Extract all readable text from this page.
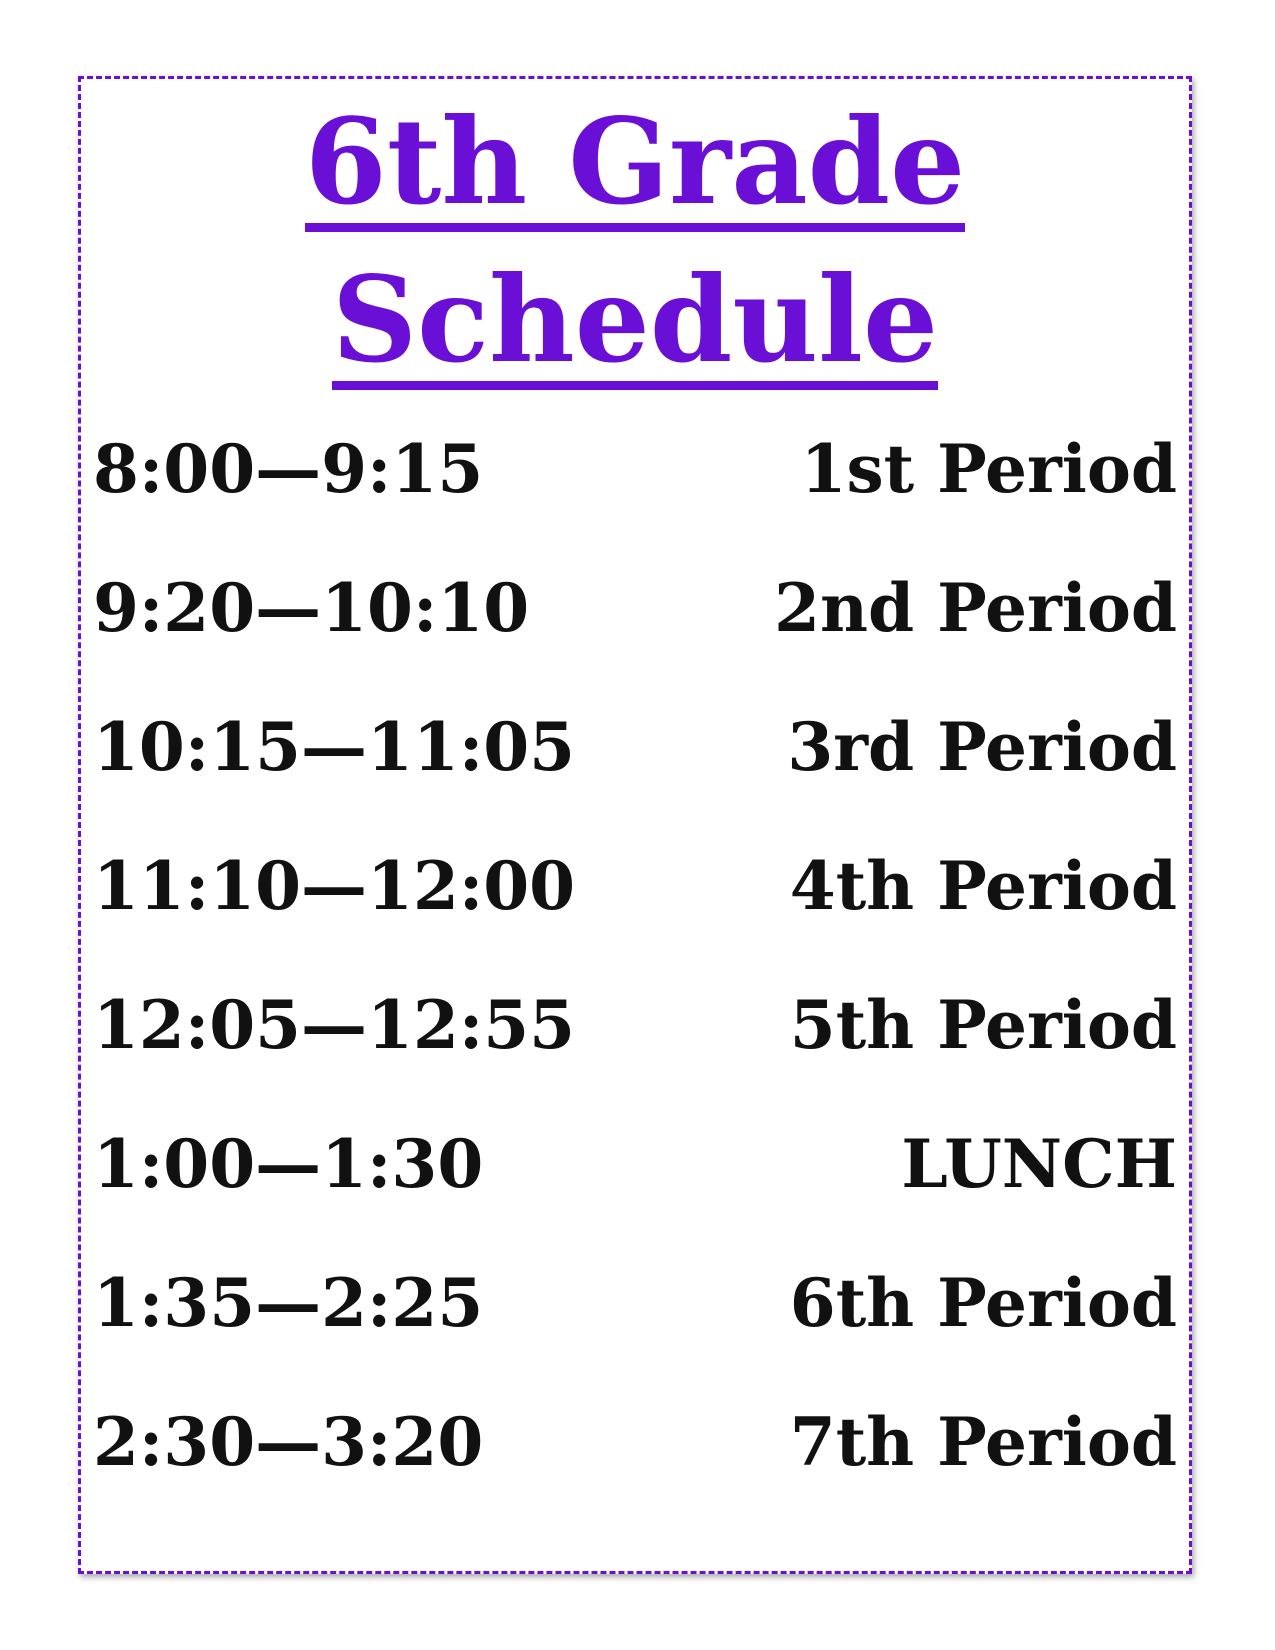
6th Grade
Schedule
8:00—9:15	1st Period
9:20—10:10	2nd Period
10:15—11:05	3rd Period
11:10—12:00	4th Period
12:05—12:55	5th Period
1:00—1:30	LUNCH
1:35—2:25	6th Period
2:30—3:20	7th Period
